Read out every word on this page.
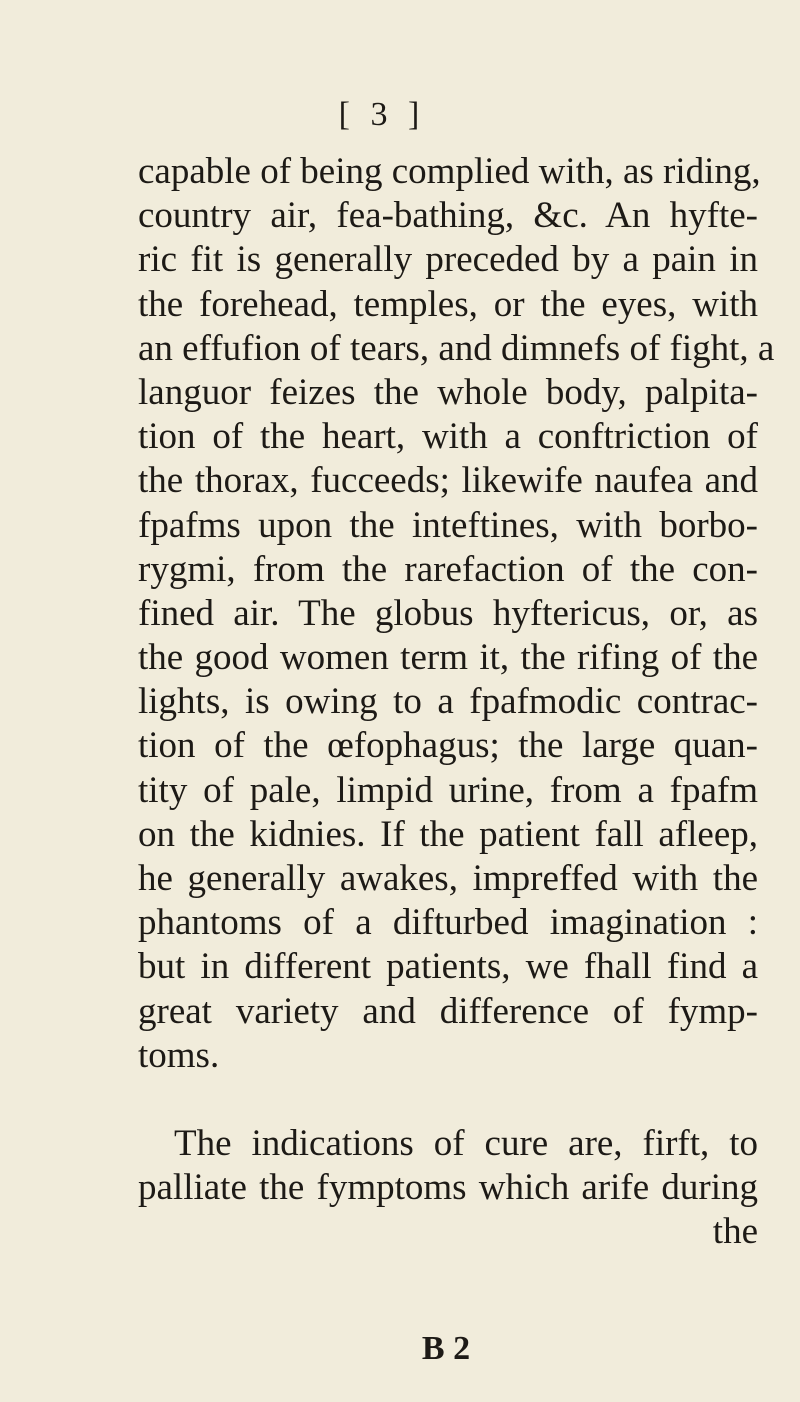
[ 3 ]
capable of being complied with, as riding,
country air, fea-bathing, &c. An hyfte-
ric fit is generally preceded by a pain in
the forehead, temples, or the eyes, with
an effufion of tears, and dimnefs of fight, a
languor feizes the whole body, palpita-
tion of the heart, with a conftriction of
the thorax, fucceeds; likewife naufea and
fpafms upon the inteftines, with borbo-
rygmi, from the rarefaction of the con-
fined air. The globus hyftericus, or, as
the good women term it, the rifing of the
lights, is owing to a fpafmodic contrac-
tion of the œfophagus; the large quan-
tity of pale, limpid urine, from a fpafm
on the kidnies. If the patient fall afleep,
he generally awakes, impreffed with the
phantoms of a difturbed imagination :
but in different patients, we fhall find a
great variety and difference of fymp-
toms.
The indications of cure are, firft, to
palliate the fymptoms which arife during
the
B 2
